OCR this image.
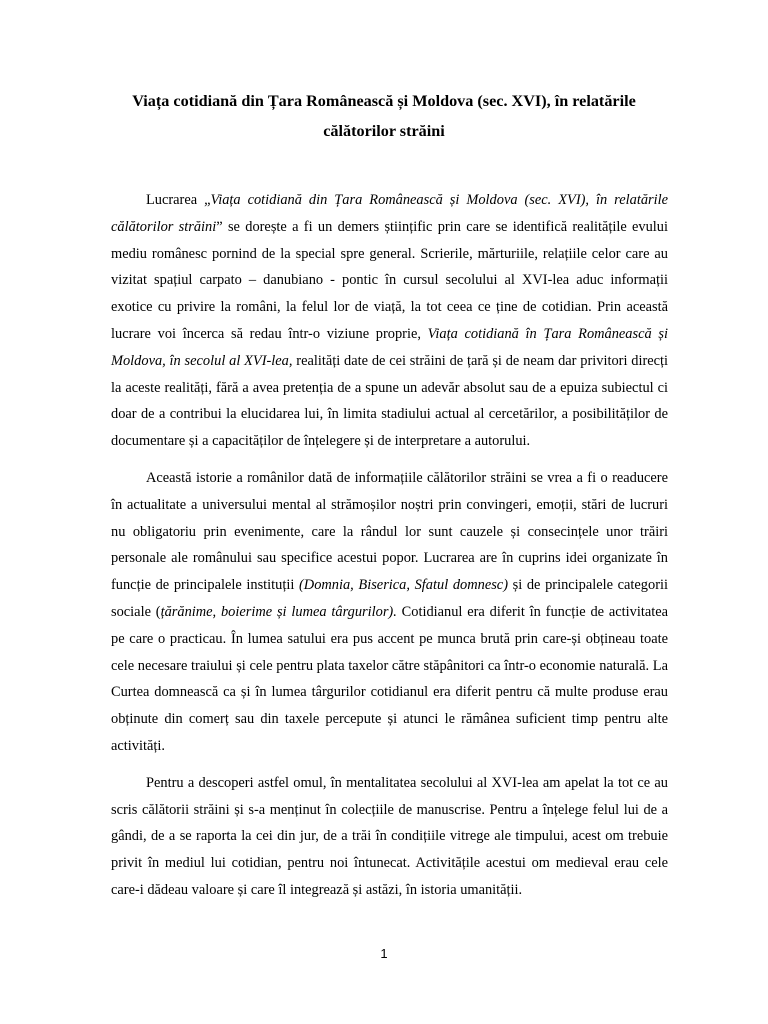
Viața cotidiană din Țara Românească și Moldova (sec. XVI), în relatările
călătorilor străini

Lucrarea „Viața cotidiană din Țara Românească și Moldova (sec. XVI), în relatările călătorilor străini” se dorește a fi un demers științific prin care se identifică realitățile evului mediu românesc pornind de la special spre general. Scrierile, mărturiile, relațiile celor care au vizitat spațiul carpato – danubiano - pontic în cursul secolului al XVI-lea aduc informații exotice cu privire la români, la felul lor de viață, la tot ceea ce ține de cotidian. Prin această lucrare voi încerca să redau într-o viziune proprie, Viața cotidiană în Țara Românească și Moldova, în secolul al XVI-lea, realități date de cei străini de țară și de neam dar privitori direcți la aceste realități, fără a avea pretenția de a spune un adevăr absolut sau de a epuiza subiectul ci doar de a contribui la elucidarea lui, în limita stadiului actual al cercetărilor, a posibilităților de documentare și a capacităților de înțelegere și de interpretare a autorului.

Această istorie a românilor dată de informațiile călătorilor străini se vrea a fi o readucere în actualitate a universului mental al strămoșilor noștri prin convingeri, emoții, stări de lucruri nu obligatoriu prin evenimente, care la rândul lor sunt cauzele și consecințele unor trăiri personale ale românului sau specifice acestui popor. Lucrarea are în cuprins idei organizate în funcție de principalele instituții (Domnia, Biserica, Sfatul domnesc) și de principalele categorii sociale (țărănime, boierime și lumea târgurilor). Cotidianul era diferit în funcție de activitatea pe care o practicau. În lumea satului era pus accent pe munca brută prin care-și obțineau toate cele necesare traiului și cele pentru plata taxelor către stăpânitori ca într-o economie naturală. La Curtea domnească ca și în lumea târgurilor cotidianul era diferit pentru că multe produse erau obținute din comerț sau din taxele percepute și atunci le rămânea suficient timp pentru alte activități.

Pentru a descoperi astfel omul, în mentalitatea secolului al XVI-lea am apelat la tot ce au scris călătorii străini și s-a menținut în colecțiile de manuscrise. Pentru a înțelege felul lui de a gândi, de a se raporta la cei din jur, de a trăi în condițiile vitrege ale timpului, acest om trebuie privit în mediul lui cotidian, pentru noi întunecat. Activitățile acestui om medieval erau cele care-i dădeau valoare și care îl integrează și astăzi, în istoria umanității.

1
